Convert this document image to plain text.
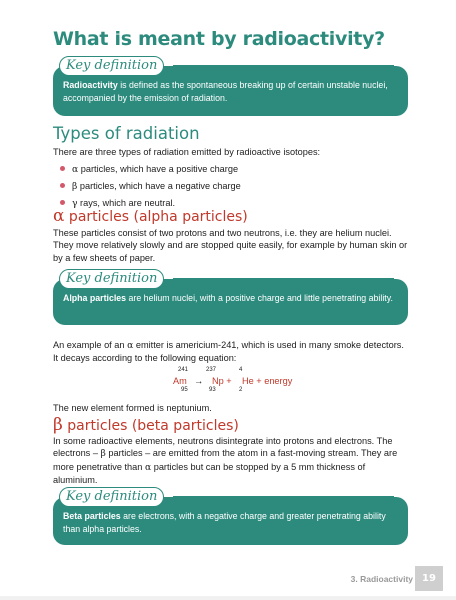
What is meant by radioactivity?
Key definition
Radioactivity is defined as the spontaneous breaking up of certain unstable nuclei, accompanied by the emission of radiation.
Types of radiation
There are three types of radiation emitted by radioactive isotopes:
α particles, which have a positive charge
β particles, which have a negative charge
γ rays, which are neutral.
α particles (alpha particles)
These particles consist of two protons and two neutrons, i.e. they are helium nuclei. They move relatively slowly and are stopped quite easily, for example by human skin or by a few sheets of paper.
Key definition
Alpha particles are helium nuclei, with a positive charge and little penetrating ability.
An example of an α emitter is americium-241, which is used in many smoke detectors. It decays according to the following equation:
241
95
Am →
237
93
Np +
4
2
He + energy
The new element formed is neptunium.
β particles (beta particles)
In some radioactive elements, neutrons disintegrate into protons and electrons. The electrons – β particles – are emitted from the atom in a fast-moving stream. They are more penetrative than α particles but can be stopped by a 5 mm thickness of aluminium.
Key definition
Beta particles are electrons, with a negative charge and greater penetrating ability than alpha particles.
3. Radioactivity 19
